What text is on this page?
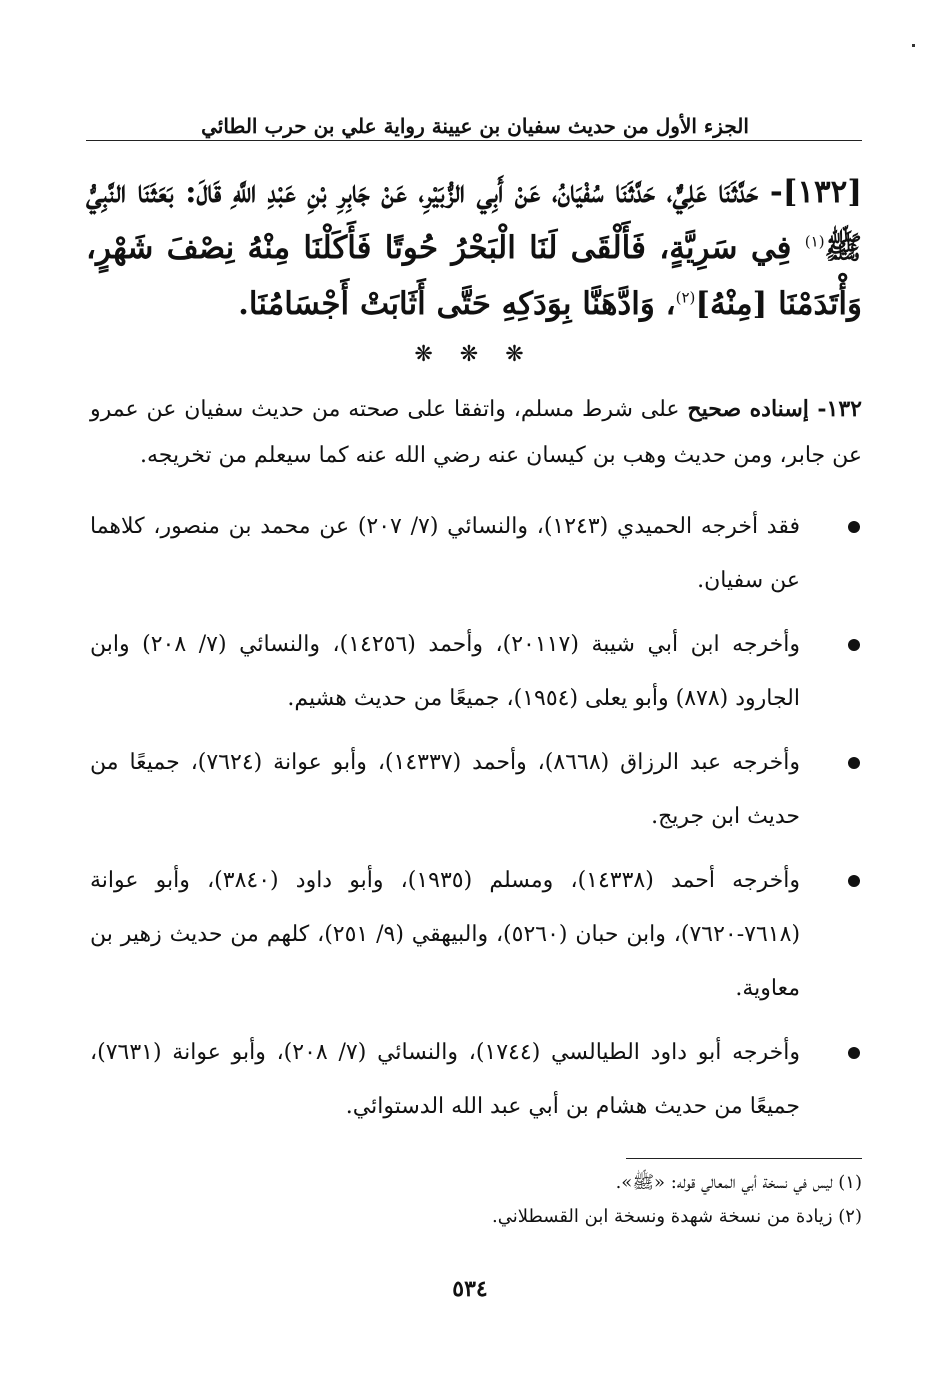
الجزء الأول من حديث سفيان بن عيينة رواية علي بن حرب الطائي

[١٣٢]- حَدَّثَنَا عَلِيٌّ، حَدَّثَنَا سُفْيَانُ، عَنْ أَبِي الزُّبَيْرِ، عَنْ جَابِرِ بْنِ عَبْدِ اللَّهِ قَالَ: بَعَثَنَا النَّبِيُّ ﷺ$^{(١)}$ فِي سَرِيَّةٍ، فَأَلْقَى لَنَا الْبَحْرُ حُوتًا فَأَكَلْنَا مِنْهُ نِصْفَ شَهْرٍ، وَأْتَدَمْنَا [مِنْهُ]$^{(٢)}$، وَادَّهَنَّا بِوَدَكِهِ حَتَّى أَثَابَتْ أَجْسَامُنَا.

❋ ❋ ❋

١٣٢- إسناده صحيح على شرط مسلم، واتفقا على صحته من حديث سفيان عن عمرو عن جابر، ومن حديث وهب بن كيسان عنه رضي الله عنه كما سيعلم من تخريجه.

فقد أخرجه الحميدي (١٢٤٣)، والنسائي (٧/ ٢٠٧) عن محمد بن منصور، كلاهما عن سفيان.
وأخرجه ابن أبي شيبة (٢٠١١٧)، وأحمد (١٤٢٥٦)، والنسائي (٧/ ٢٠٨) وابن الجارود (٨٧٨) وأبو يعلى (١٩٥٤)، جميعًا من حديث هشيم.
وأخرجه عبد الرزاق (٨٦٦٨)، وأحمد (١٤٣٣٧)، وأبو عوانة (٧٦٢٤)، جميعًا من حديث ابن جريج.
وأخرجه أحمد (١٤٣٣٨)، ومسلم (١٩٣٥)، وأبو داود (٣٨٤٠)، وأبو عوانة (٧٦١٨-٧٦٢٠)، وابن حبان (٥٢٦٠)، والبيهقي (٩/ ٢٥١)، كلهم من حديث زهير بن معاوية.
وأخرجه أبو داود الطيالسي (١٧٤٤)، والنسائي (٧/ ٢٠٨)، وأبو عوانة (٧٦٣١)، جميعًا من حديث هشام بن أبي عبد الله الدستوائي.
(١) ليس في نسخة أبي المعالي قوله: «ﷺ».
(٢) زيادة من نسخة شهدة ونسخة ابن القسطلاني.
٥٣٤
